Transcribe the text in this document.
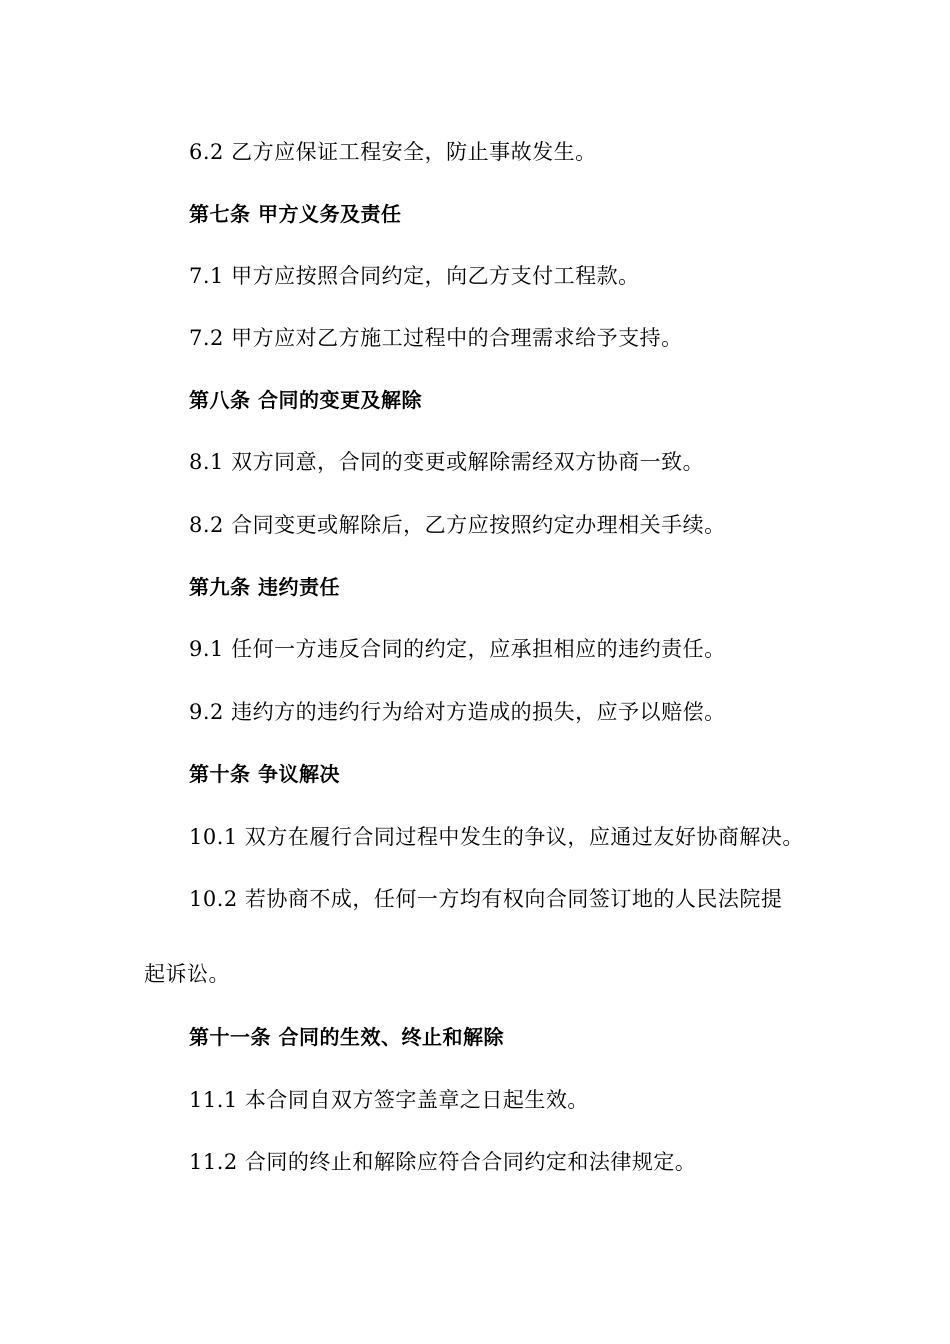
6.2 乙方应保证工程安全，防止事故发生。
第七条 甲方义务及责任
7.1 甲方应按照合同约定，向乙方支付工程款。
7.2 甲方应对乙方施工过程中的合理需求给予支持。
第八条 合同的变更及解除
8.1 双方同意，合同的变更或解除需经双方协商一致。
8.2 合同变更或解除后，乙方应按照约定办理相关手续。
第九条 违约责任
9.1 任何一方违反合同的约定，应承担相应的违约责任。
9.2 违约方的违约行为给对方造成的损失，应予以赔偿。
第十条 争议解决
10.1 双方在履行合同过程中发生的争议，应通过友好协商解决。
10.2 若协商不成，任何一方均有权向合同签订地的人民法院提
起诉讼。
第十一条 合同的生效、终止和解除
11.1 本合同自双方签字盖章之日起生效。
11.2 合同的终止和解除应符合合同约定和法律规定。
